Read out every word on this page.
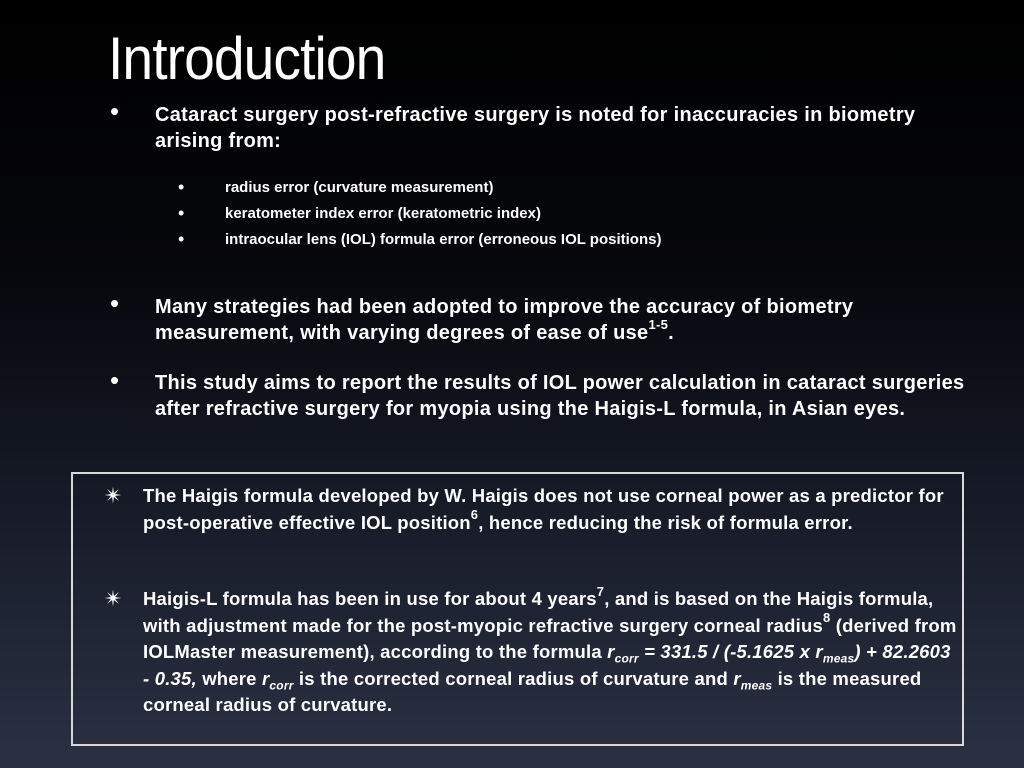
Introduction
• Cataract surgery post-refractive surgery is noted for inaccuracies in biometry arising from:
•	radius error (curvature measurement)
•	keratometer index error (keratometric index)
•	intraocular lens (IOL) formula error (erroneous IOL positions)
• Many strategies had been adopted to improve the accuracy of biometry measurement, with varying degrees of ease of use$^{1-5}$.
• This study aims to report the results of IOL power calculation in cataract surgeries after refractive surgery for myopia using the Haigis-L formula, in Asian eyes.
✴ The Haigis formula developed by W. Haigis does not use corneal power as a predictor for post-operative effective IOL position$^6$, hence reducing the risk of formula error.
✴ Haigis-L formula has been in use for about 4 years$^7$, and is based on the Haigis formula, with adjustment made for the post-myopic refractive surgery corneal radius$^8$ (derived from IOLMaster measurement), according to the formula $r_{corr} = 331.5 / (-5.1625$ x $r_{meas}) + 82.2603 - 0.35$, where $r_{corr}$ is the corrected corneal radius of curvature and $r_{meas}$ is the measured corneal radius of curvature.
